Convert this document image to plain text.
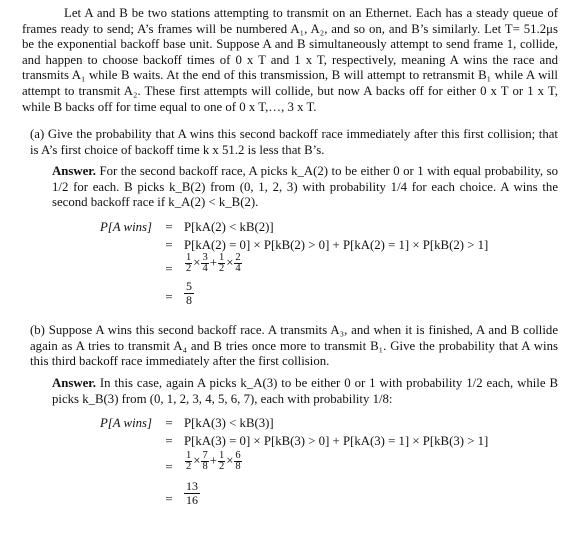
Let A and B be two stations attempting to transmit on an Ethernet. Each has a steady queue of frames ready to send; A’s frames will be numbered A₁, A₂, and so on, and B’s similarly. Let T= 51.2μs be the exponential backoff base unit. Suppose A and B simultaneously attempt to send frame 1, collide, and happen to choose backoff times of 0 x T and 1 x T, respectively, meaning A wins the race and transmits A₁ while B waits. At the end of this transmission, B will attempt to retransmit B₁ while A will attempt to transmit A₂. These first attempts will collide, but now A backs off for either 0 x T or 1 x T, while B backs off for time equal to one of 0 x T,…, 3 x T.

(a) Give the probability that A wins this second backoff race immediately after this first collision; that is A’s first choice of backoff time k x 51.2 is less that B’s.
Answer. For the second backoff race, A picks k_A(2) to be either 0 or 1 with equal probability, so 1/2 for each. B picks k_B(2) from (0, 1, 2, 3) with probability 1/4 for each choice. A wins the second backoff race if k_A(2) < k_B(2).
P[A wins] = P[kA(2) < kB(2)]
= P[kA(2) = 0] × P[kB(2) > 0] + P[kA(2) = 1] × P[kB(2) > 1]
=	$\frac{1}{2} \times \frac{3}{4} + \frac{1}{2} \times \frac{2}{4}$
= $\frac{5}{8}$
(b) Suppose A wins this second backoff race. A transmits A₃, and when it is finished, A and B collide again as A tries to transmit A₄ and B tries once more to transmit B₁. Give the probability that A wins this third backoff race immediately after the first collision.
Answer. In this case, again A picks k_A(3) to be either 0 or 1 with probability 1/2 each, while B picks k_B(3) from (0, 1, 2, 3, 4, 5, 6, 7), each with probability 1/8:
P[A wins] = P[kA(3) < kB(3)]
= P[kA(3) = 0] × P[kB(3) > 0] + P[kA(3) = 1] × P[kB(3) > 1]
=	$\frac{1}{2} \times \frac{7}{8} + \frac{1}{2} \times \frac{6}{8}$
= $\frac{13}{16}$
